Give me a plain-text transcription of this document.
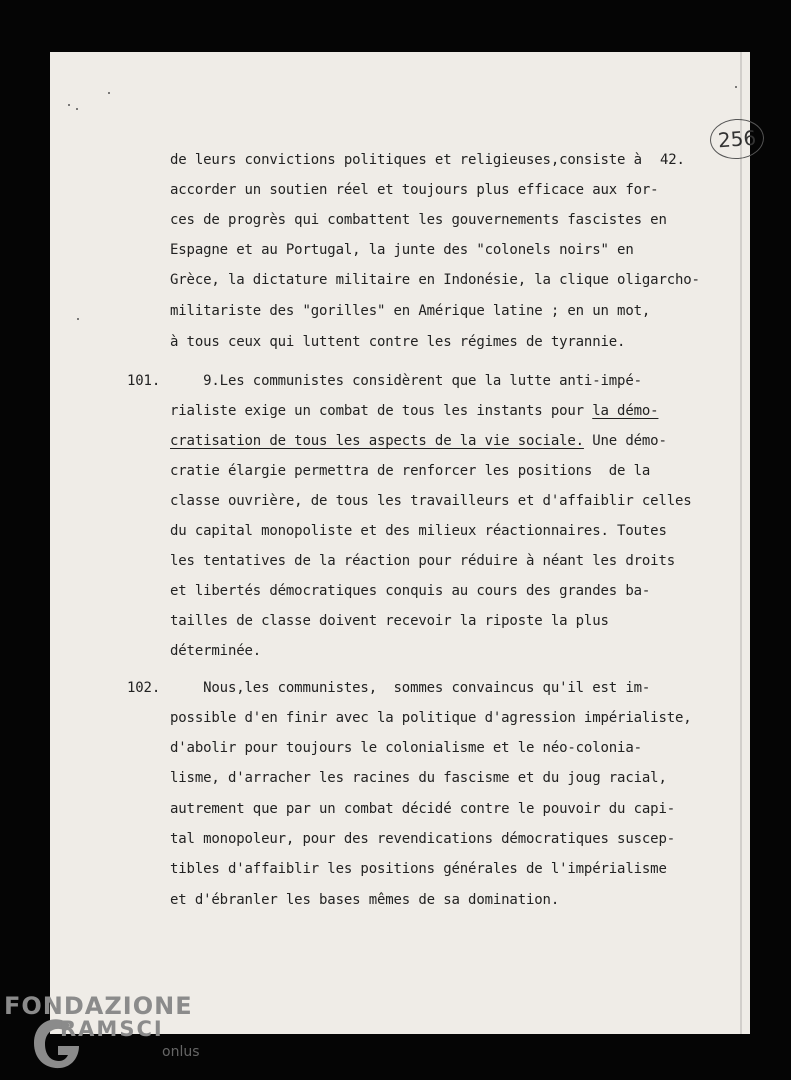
256
42.

de leurs convictions politiques et religieuses,consiste à

accorder un soutien réel et toujours plus efficace aux for-

ces de progrès qui combattent les gouvernements fascistes en

Espagne et au Portugal, la junte des "colonels noirs" en

Grèce, la dictature militaire en Indonésie, la clique oligarcho-

militariste des "gorilles" en Amérique latine ; en un mot,

à tous ceux qui luttent contre les régimes de tyrannie.

101.

9.Les communistes considèrent que la lutte anti-impé-

rialiste exige un combat de tous les instants pour la démo-

cratisation de tous les aspects de la vie sociale. Une démo-

cratie élargie permettra de renforcer les positions  de la

classe ouvrière, de tous les travailleurs et d'affaiblir celles

du capital monopoliste et des milieux réactionnaires. Toutes

les tentatives de la réaction pour réduire à néant les droits

et libertés démocratiques conquis au cours des grandes ba-

tailles de classe doivent recevoir la riposte la plus

déterminée.

102.

Nous,les communistes,  sommes convaincus qu'il est im-

possible d'en finir avec la politique d'agression impérialiste,

d'abolir pour toujours le colonialisme et le néo-colonia-

lisme, d'arracher les racines du fascisme et du joug racial,

autrement que par un combat décidé contre le pouvoir du capi-

tal monopoleur, pour des revendications démocratiques suscep-

tibles d'affaiblir les positions générales de l'impérialisme

et d'ébranler les bases mêmes de sa domination.

FONDAZIONE
RAMSCI
onlus
